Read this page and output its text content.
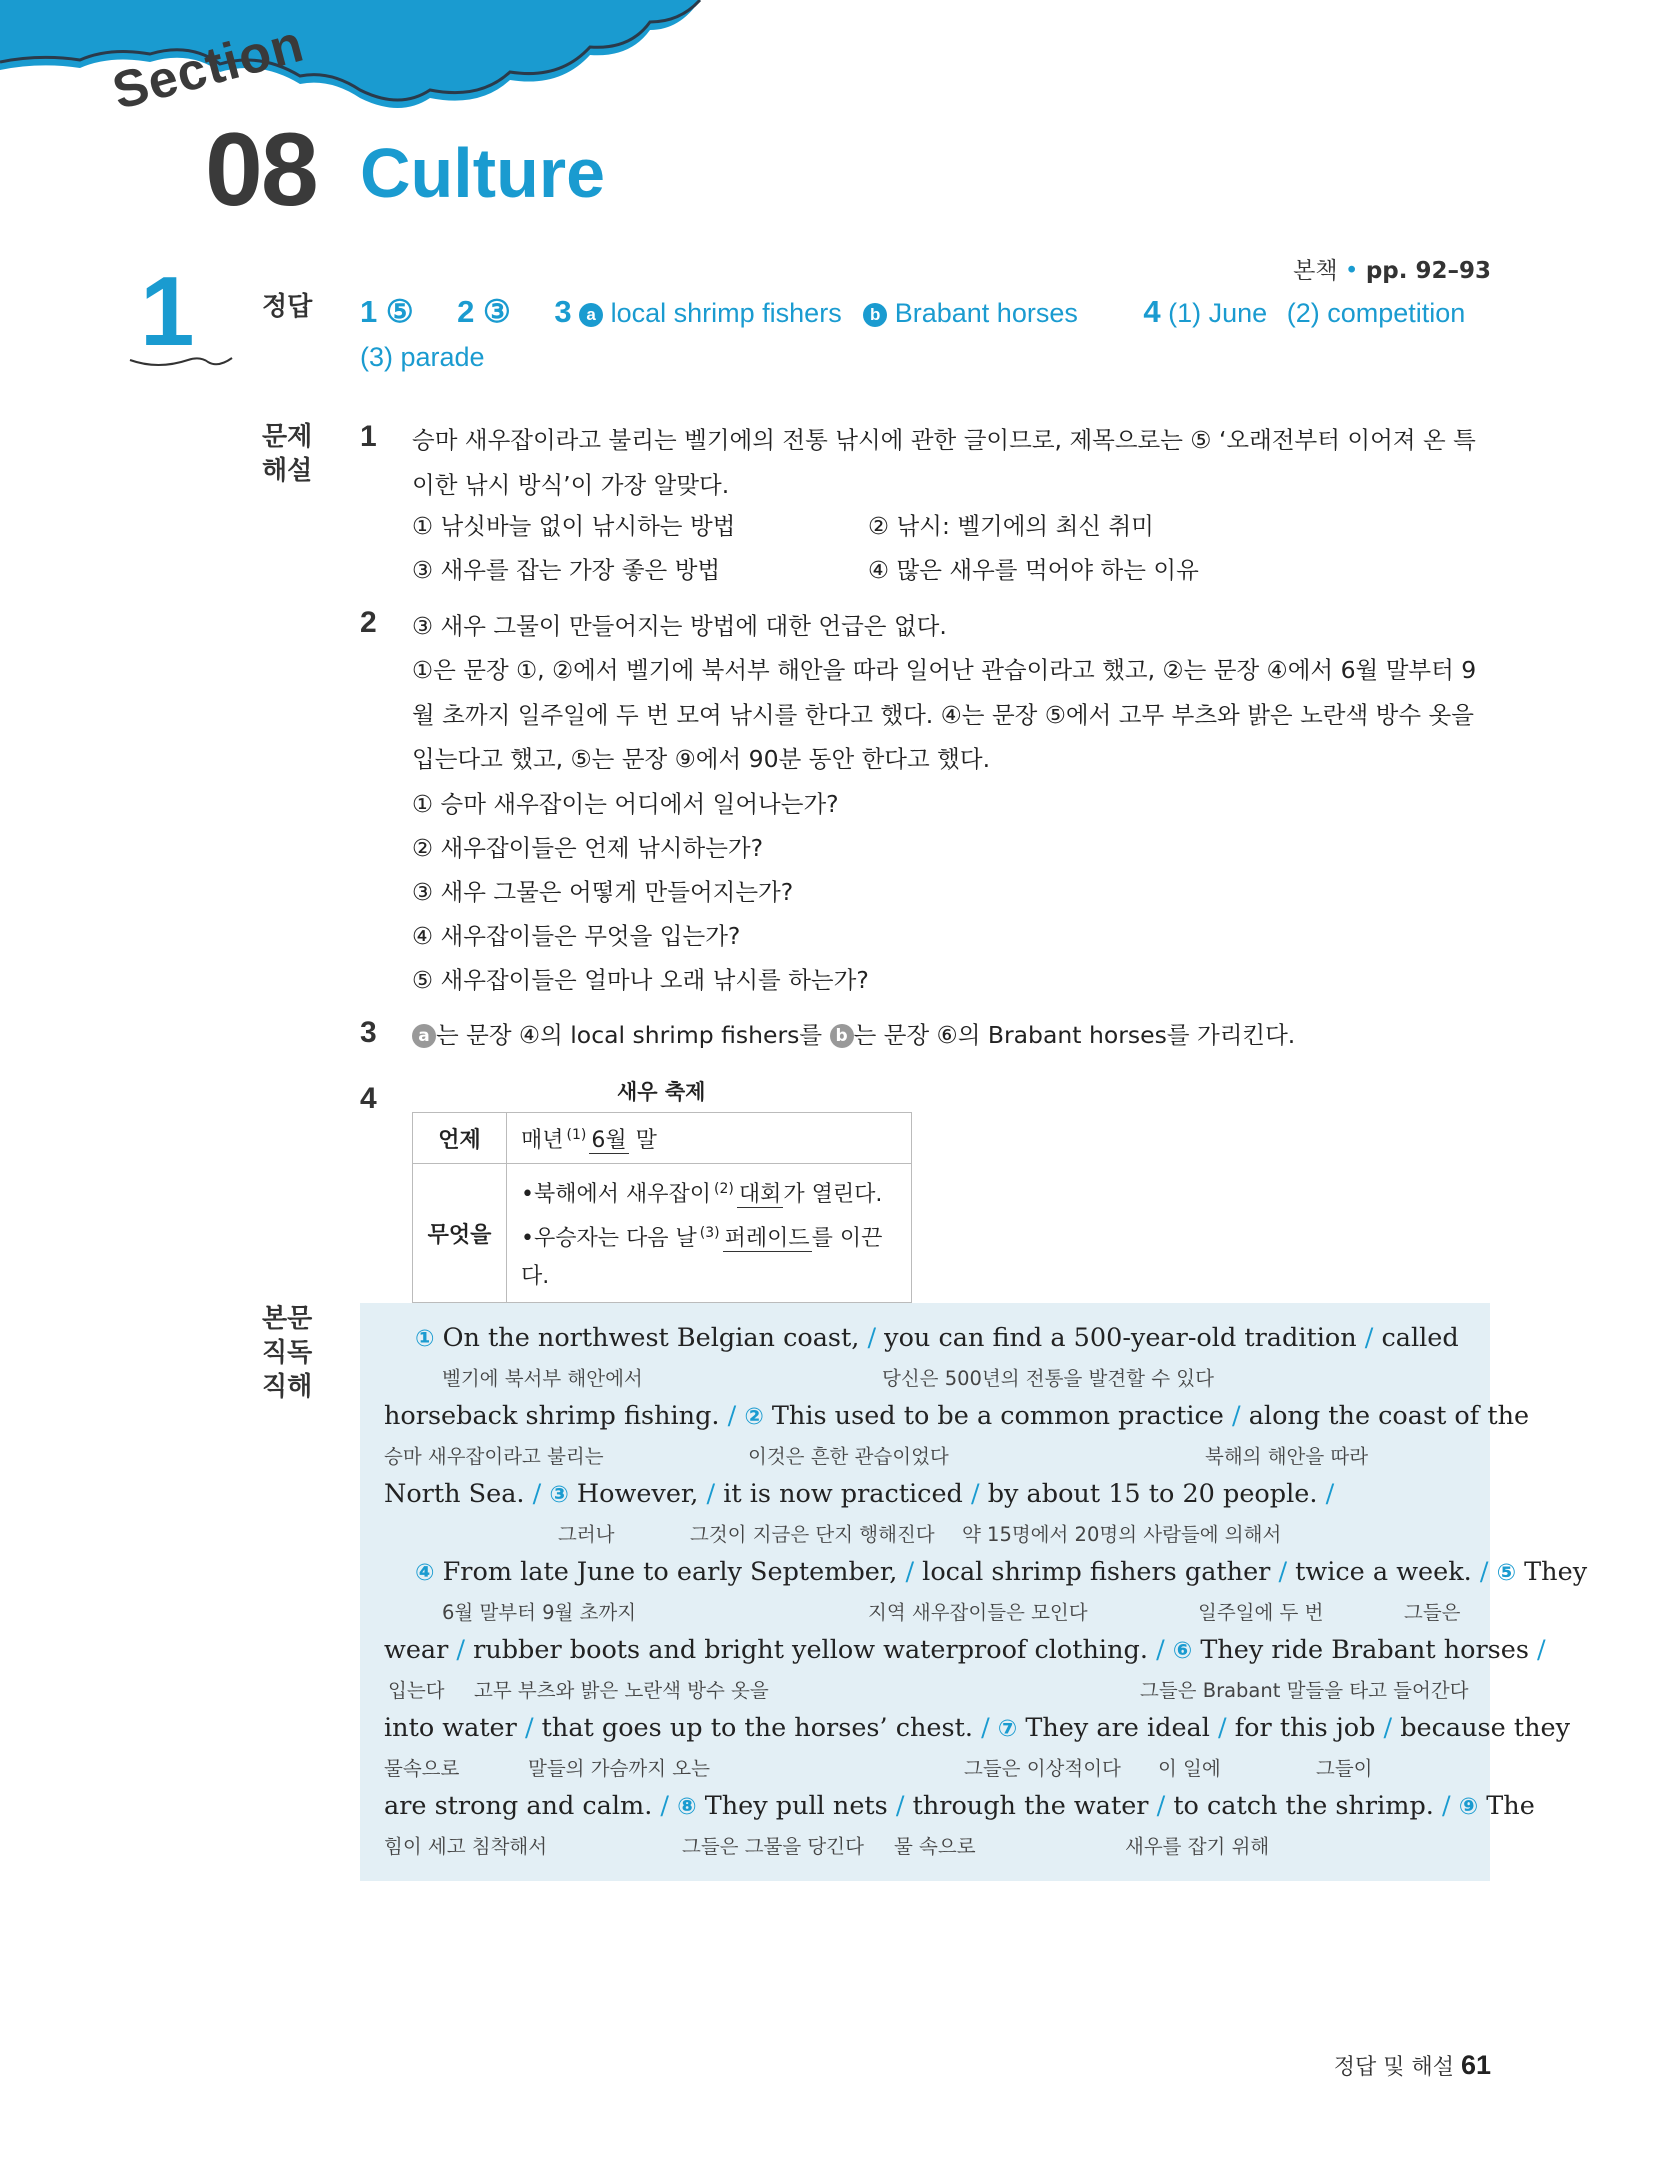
Section
08 Culture
본책 • pp. 92–93
1	정답 1 ⑤ 2 ③ 3 a local shrimp fishers b Brabant horses 4 (1) June (2) competition
(3) parade
문제
해설
1 승마 새우잡이라고 불리는 벨기에의 전통 낚시에 관한 글이므로, 제목으로는 ⑤ ‘오래전부터 이어져 온 특이한 낚시 방식’이 가장 알맞다.
① 낚싯바늘 없이 낚시하는 방법	② 낚시: 벨기에의 최신 취미
③ 새우를 잡는 가장 좋은 방법	④ 많은 새우를 먹어야 하는 이유
2 ③ 새우 그물이 만들어지는 방법에 대한 언급은 없다.
①은 문장 ①, ②에서 벨기에 북서부 해안을 따라 일어난 관습이라고 했고, ②는 문장 ④에서 6월 말부터 9월 초까지 일주일에 두 번 모여 낚시를 한다고 했다. ④는 문장 ⑤에서 고무 부츠와 밝은 노란색 방수 옷을 입는다고 했고, ⑤는 문장 ⑨에서 90분 동안 한다고 했다.
① 승마 새우잡이는 어디에서 일어나는가?
② 새우잡이들은 언제 낚시하는가?
③ 새우 그물은 어떻게 만들어지는가?
④ 새우잡이들은 무엇을 입는가?
⑤ 새우잡이들은 얼마나 오래 낚시를 하는가?
3	a 는 문장 ④의 local shrimp fishers를 b 는 문장 ⑥의 Brabant horses를 가리킨다.
4	새우 축제
언제	매년 $^{(1)}$ 6월 말
무엇을	•북해에서 새우잡이 $^{(2)}$ 대회가 열린다.
•우승자는 다음 날 $^{(3)}$ 퍼레이드를 이끈다.
본문
직독
직해
① On the northwest Belgian coast, / you can find a 500-year-old tradition / called
벨기에 북서부 해안에서	당신은 500년의 전통을 발견할 수 있다
horseback shrimp fishing. / ② This used to be a common practice / along the coast of the
승마 새우잡이라고 불리는	이것은 흔한 관습이었다	북해의 해안을 따라
North Sea. / ③ However, / it is now practiced / by about 15 to 20 people. /
그러나	그것이 지금은 단지 행해진다 약 15명에서 20명의 사람들에 의해서
④ From late June to early September, / local shrimp fishers gather / twice a week. / ⑤ They
6월 말부터 9월 초까지	지역 새우잡이들은 모인다	일주일에 두 번	그들은
wear / rubber boots and bright yellow waterproof clothing. / ⑥ They ride Brabant horses /
입는다 고무 부츠와 밝은 노란색 방수 옷을	그들은 Brabant 말들을 타고 들어간다
into water / that goes up to the horses’ chest. / ⑦ They are ideal / for this job / because they
물속으로	말들의 가슴까지 오는	그들은 이상적이다 이 일에	그들이
are strong and calm. / ⑧ They pull nets / through the water / to catch the shrimp. / ⑨ The
힘이 세고 침착해서	그들은 그물을 당긴다 물 속으로	새우를 잡기 위해
정답 및 해설 61
